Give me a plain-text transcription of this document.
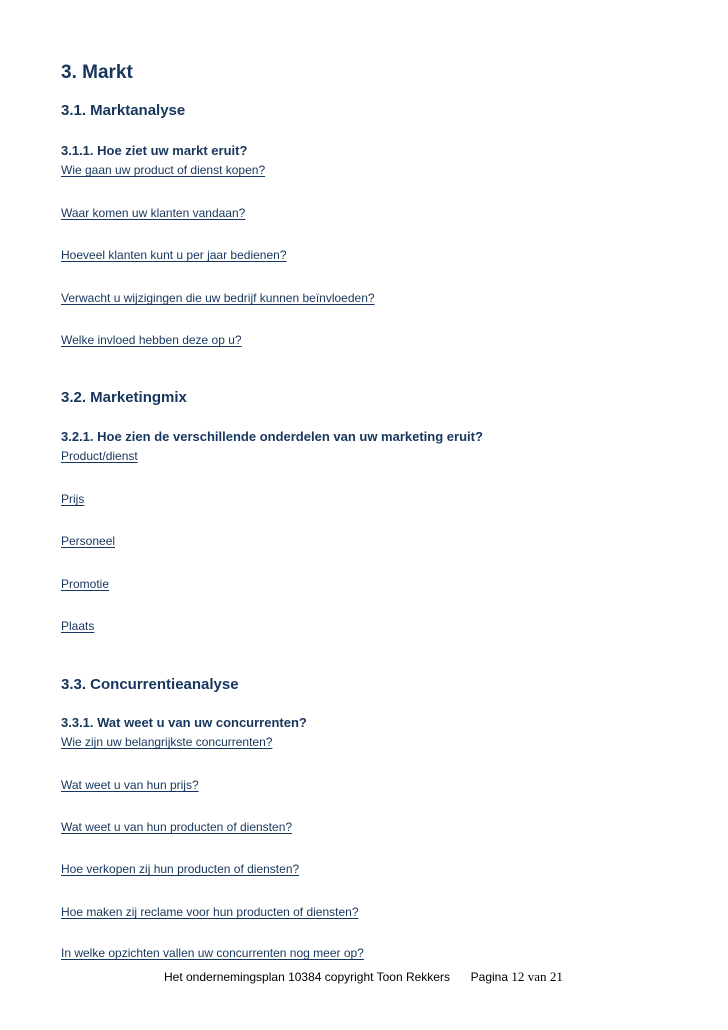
3. Markt
3.1. Marktanalyse
3.1.1. Hoe ziet uw markt eruit?
Wie gaan uw product of dienst kopen?
Waar komen uw klanten vandaan?
Hoeveel klanten kunt u per jaar bedienen?
Verwacht u wijzigingen die uw bedrijf kunnen beïnvloeden?
Welke invloed hebben deze op u?
3.2. Marketingmix
3.2.1. Hoe zien de verschillende onderdelen van uw marketing eruit?
Product/dienst
Prijs
Personeel
Promotie
Plaats
3.3. Concurrentieanalyse
3.3.1. Wat weet u van uw concurrenten?
Wie zijn uw belangrijkste concurrenten?
Wat weet u van hun prijs?
Wat weet u van hun producten of diensten?
Hoe verkopen zij hun producten of diensten?
Hoe maken zij reclame voor hun producten of diensten?
In welke opzichten vallen uw concurrenten nog meer op?
Het ondernemingsplan 10384 copyright Toon Rekkers Pagina 12 van 21
